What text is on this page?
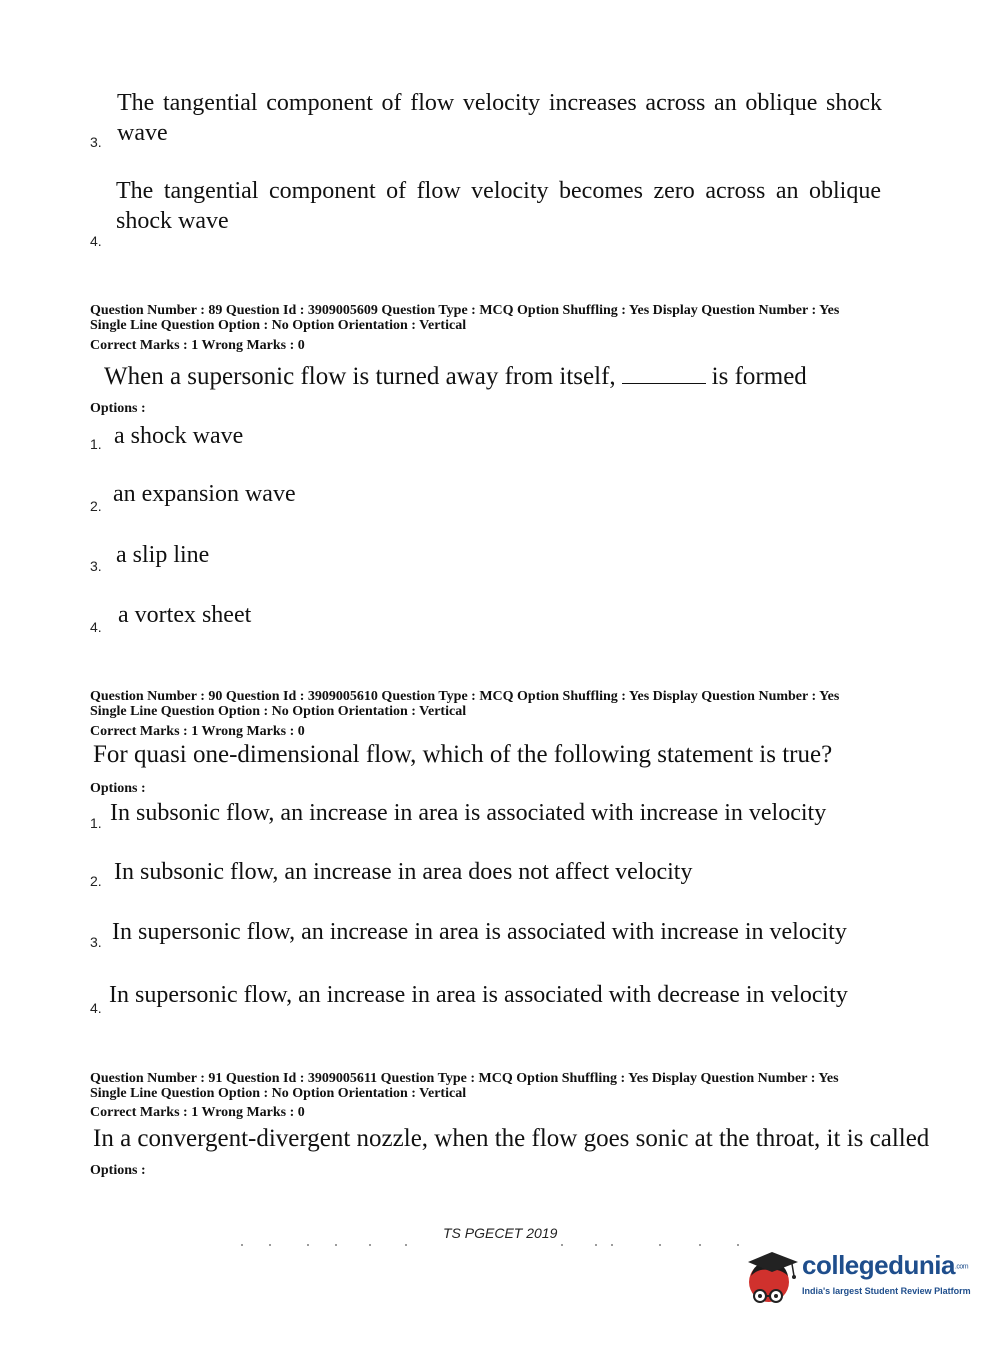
3.
The tangential component of flow velocity increases across an oblique shock wave
4.
The tangential component of flow velocity becomes zero across an oblique shock wave
Question Number : 89 Question Id : 3909005609 Question Type : MCQ Option Shuffling : Yes Display Question Number : Yes
Single Line Question Option : No Option Orientation : Vertical
Correct Marks : 1 Wrong Marks : 0
When a supersonic flow is turned away from itself,	is formed
Options :
1. a shock wave
2. an expansion wave
3. a slip line
4. a vortex sheet
Question Number : 90 Question Id : 3909005610 Question Type : MCQ Option Shuffling : Yes Display Question Number : Yes
Single Line Question Option : No Option Orientation : Vertical
Correct Marks : 1 Wrong Marks : 0
For quasi one-dimensional flow, which of the following statement is true?
Options :
1. In subsonic flow, an increase in area is associated with increase in velocity
2. In subsonic flow, an increase in area does not affect velocity
3. In supersonic flow, an increase in area is associated with increase in velocity
4. In supersonic flow, an increase in area is associated with decrease in velocity
Question Number : 91 Question Id : 3909005611 Question Type : MCQ Option Shuffling : Yes Display Question Number : Yes
Single Line Question Option : No Option Orientation : Vertical
Correct Marks : 1 Wrong Marks : 0
In a convergent-divergent nozzle, when the flow goes sonic at the throat, it is called
Options :
TS PGECET 2019
collegedunia.com
India's largest Student Review Platform
